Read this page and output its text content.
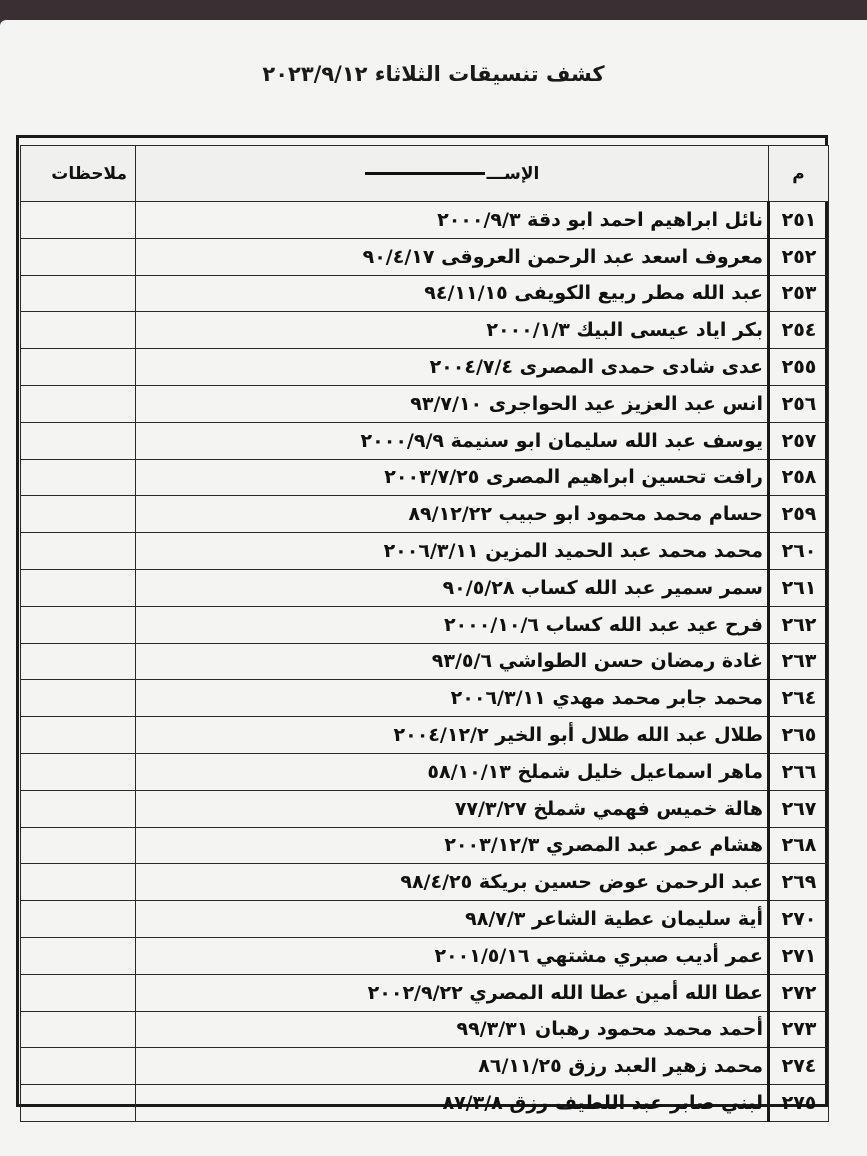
كشف تنسيقات الثلاثاء ٢٠٢٣/٩/١٢
م	الإســـ	ملاحظات
٢٥١	نائل ابراهيم احمد ابو دقة ٢٠٠٠/٩/٣	
٢٥٢	معروف اسعد عبد الرحمن العروقى ٩٠/٤/١٧	
٢٥٣	عبد الله مطر ربيع الكويفى ٩٤/١١/١٥	
٢٥٤	بكر اياد عيسى البيك ٢٠٠٠/١/٣	
٢٥٥	عدى شادى حمدى المصرى ٢٠٠٤/٧/٤	
٢٥٦	انس عبد العزيز عيد الحواجرى ٩٣/٧/١٠	
٢٥٧	يوسف عبد الله سليمان ابو سنيمة ٢٠٠٠/٩/٩	
٢٥٨	رافت تحسين ابراهيم المصرى ٢٠٠٣/٧/٢٥	
٢٥٩	حسام محمد محمود ابو حبيب ٨٩/١٢/٢٢	
٢٦٠	محمد محمد عبد الحميد المزين ٢٠٠٦/٣/١١	
٢٦١	سمر سمير عبد الله كساب ٩٠/٥/٢٨	
٢٦٢	فرح عيد عبد الله كساب ٢٠٠٠/١٠/٦	
٢٦٣	غادة رمضان حسن الطواشي ٩٣/٥/٦	
٢٦٤	محمد جابر محمد مهدي ٢٠٠٦/٣/١١	
٢٦٥	طلال عبد الله طلال أبو الخير ٢٠٠٤/١٢/٢	
٢٦٦	ماهر اسماعيل خليل شملخ ٥٨/١٠/١٣	
٢٦٧	هالة خميس فهمي شملخ ٧٧/٣/٢٧	
٢٦٨	هشام عمر عبد المصري ٢٠٠٣/١٢/٣	
٢٦٩	عبد الرحمن عوض حسين بريكة ٩٨/٤/٢٥	
٢٧٠	أية سليمان عطية الشاعر ٩٨/٧/٣	
٢٧١	عمر أديب صبري مشتهي ٢٠٠١/٥/١٦	
٢٧٢	عطا الله أمين عطا الله المصري ٢٠٠٢/٩/٢٢	
٢٧٣	أحمد محمد محمود رهبان ٩٩/٣/٣١	
٢٧٤	محمد زهير العبد رزق ٨٦/١١/٢٥	
٢٧٥	لبني صابر عبد اللطيف رزق ٨٧/٣/٨	
